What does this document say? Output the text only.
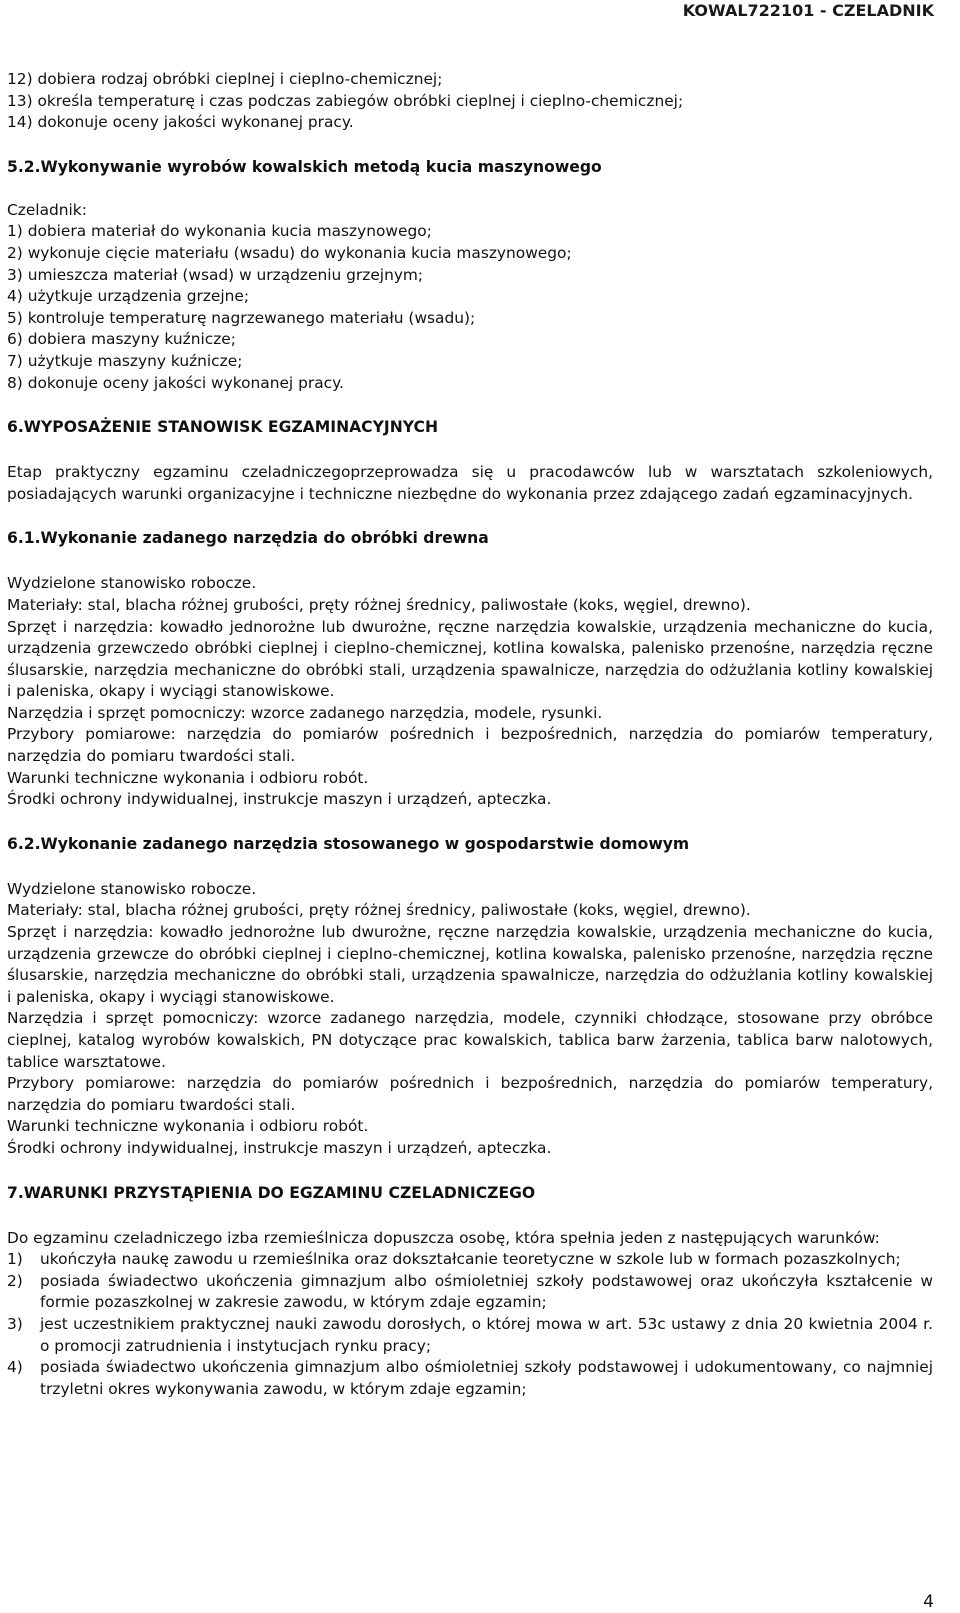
KOWAL722101 - CZELADNIK

12) dobiera rodzaj obróbki cieplnej i cieplno-chemicznej;

13) określa temperaturę i czas podczas zabiegów obróbki cieplnej i cieplno-chemicznej;

14) dokonuje oceny jakości wykonanej pracy.

5.2.Wykonywanie wyrobów kowalskich metodą kucia maszynowego

Czeladnik:

1) dobiera materiał do wykonania kucia maszynowego;

2) wykonuje cięcie materiału (wsadu) do wykonania kucia maszynowego;

3) umieszcza materiał (wsad) w urządzeniu grzejnym;

4) użytkuje urządzenia grzejne;

5) kontroluje temperaturę nagrzewanego materiału (wsadu);

6) dobiera maszyny kuźnicze;

7) użytkuje maszyny kuźnicze;

8) dokonuje oceny jakości wykonanej pracy.

6.WYPOSAŻENIE STANOWISK EGZAMINACYJNYCH

Etap praktyczny egzaminu czeladniczegoprzeprowadza się u pracodawców lub w warsztatach szkoleniowych, posiadających warunki organizacyjne i techniczne niezbędne do wykonania przez zdającego zadań egzaminacyjnych.

6.1.Wykonanie zadanego narzędzia do obróbki drewna

Wydzielone stanowisko robocze.

Materiały: stal, blacha różnej grubości, pręty różnej średnicy, paliwostałe (koks, węgiel, drewno).

Sprzęt i narzędzia: kowadło jednorożne lub dwurożne, ręczne narzędzia kowalskie, urządzenia mechaniczne do kucia, urządzenia grzewczedo obróbki cieplnej i cieplno-chemicznej, kotlina kowalska, palenisko przenośne, narzędzia ręczne ślusarskie, narzędzia mechaniczne do obróbki stali, urządzenia spawalnicze, narzędzia do odżużlania kotliny kowalskiej i paleniska, okapy i wyciągi stanowiskowe.

Narzędzia i sprzęt pomocniczy: wzorce zadanego narzędzia, modele, rysunki.

Przybory pomiarowe: narzędzia do pomiarów pośrednich i bezpośrednich, narzędzia do pomiarów temperatury, narzędzia do pomiaru twardości stali.

Warunki techniczne wykonania i odbioru robót.

Środki ochrony indywidualnej, instrukcje maszyn i urządzeń, apteczka.

6.2.Wykonanie zadanego narzędzia stosowanego w gospodarstwie domowym

Wydzielone stanowisko robocze.

Materiały: stal, blacha różnej grubości, pręty różnej średnicy, paliwostałe (koks, węgiel, drewno).

Sprzęt i narzędzia: kowadło jednorożne lub dwurożne, ręczne narzędzia kowalskie, urządzenia mechaniczne do kucia, urządzenia grzewcze do obróbki cieplnej i cieplno-chemicznej, kotlina kowalska, palenisko przenośne, narzędzia ręczne ślusarskie, narzędzia mechaniczne do obróbki stali, urządzenia spawalnicze, narzędzia do odżużlania kotliny kowalskiej i paleniska, okapy i wyciągi stanowiskowe.

Narzędzia i sprzęt pomocniczy: wzorce zadanego narzędzia, modele, czynniki chłodzące, stosowane przy obróbce cieplnej, katalog wyrobów kowalskich, PN dotyczące prac kowalskich, tablica barw żarzenia, tablica barw nalotowych, tablice warsztatowe.

Przybory pomiarowe: narzędzia do pomiarów pośrednich i bezpośrednich, narzędzia do pomiarów temperatury, narzędzia do pomiaru twardości stali.

Warunki techniczne wykonania i odbioru robót.

Środki ochrony indywidualnej, instrukcje maszyn i urządzeń, apteczka.

7.WARUNKI PRZYSTĄPIENIA DO EGZAMINU CZELADNICZEGO

Do egzaminu czeladniczego izba rzemieślnicza dopuszcza osobę, która spełnia jeden z następujących warunków:

1)	ukończyła naukę zawodu u rzemieślnika oraz dokształcanie teoretyczne w szkole lub w formach pozaszkolnych;
2)	posiada świadectwo ukończenia gimnazjum albo ośmioletniej szkoły podstawowej oraz ukończyła kształcenie w formie pozaszkolnej w zakresie zawodu, w którym zdaje egzamin;
3)	jest uczestnikiem praktycznej nauki zawodu dorosłych, o której mowa w art. 53c ustawy z dnia 20 kwietnia 2004 r. o promocji zatrudnienia i instytucjach rynku pracy;
4)	posiada świadectwo ukończenia gimnazjum albo ośmioletniej szkoły podstawowej i udokumentowany, co najmniej trzyletni okres wykonywania zawodu, w którym zdaje egzamin;
4
